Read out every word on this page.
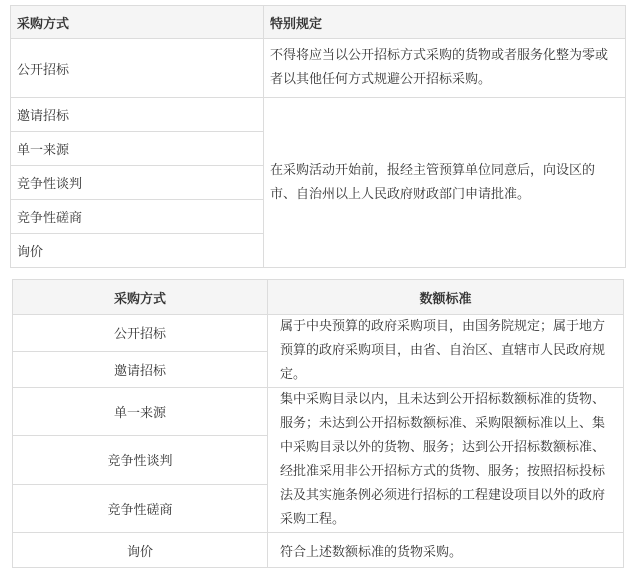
采购方式	特别规定
公开招标	不得将应当以公开招标方式采购的货物或者服务化整为零或者以其他任何方式规避公开招标采购。
邀请招标	在采购活动开始前，报经主管预算单位同意后，向设区的市、自治州以上人民政府财政部门申请批准。
单一来源	
竞争性谈判	
竞争性磋商	
询价	
采购方式	数额标准
公开招标	属于中央预算的政府采购项目，由国务院规定；属于地方预算的政府采购项目，由省、自治区、直辖市人民政府规定。
邀请招标	
单一来源	集中采购目录以内，且未达到公开招标数额标准的货物、服务；未达到公开招标数额标准、采购限额标准以上、集中采购目录以外的货物、服务；达到公开招标数额标准、经批准采用非公开招标方式的货物、服务；按照招标投标法及其实施条例必须进行招标的工程建设项目以外的政府采购工程。
竞争性谈判	
竞争性磋商	
询价	符合上述数额标准的货物采购。
